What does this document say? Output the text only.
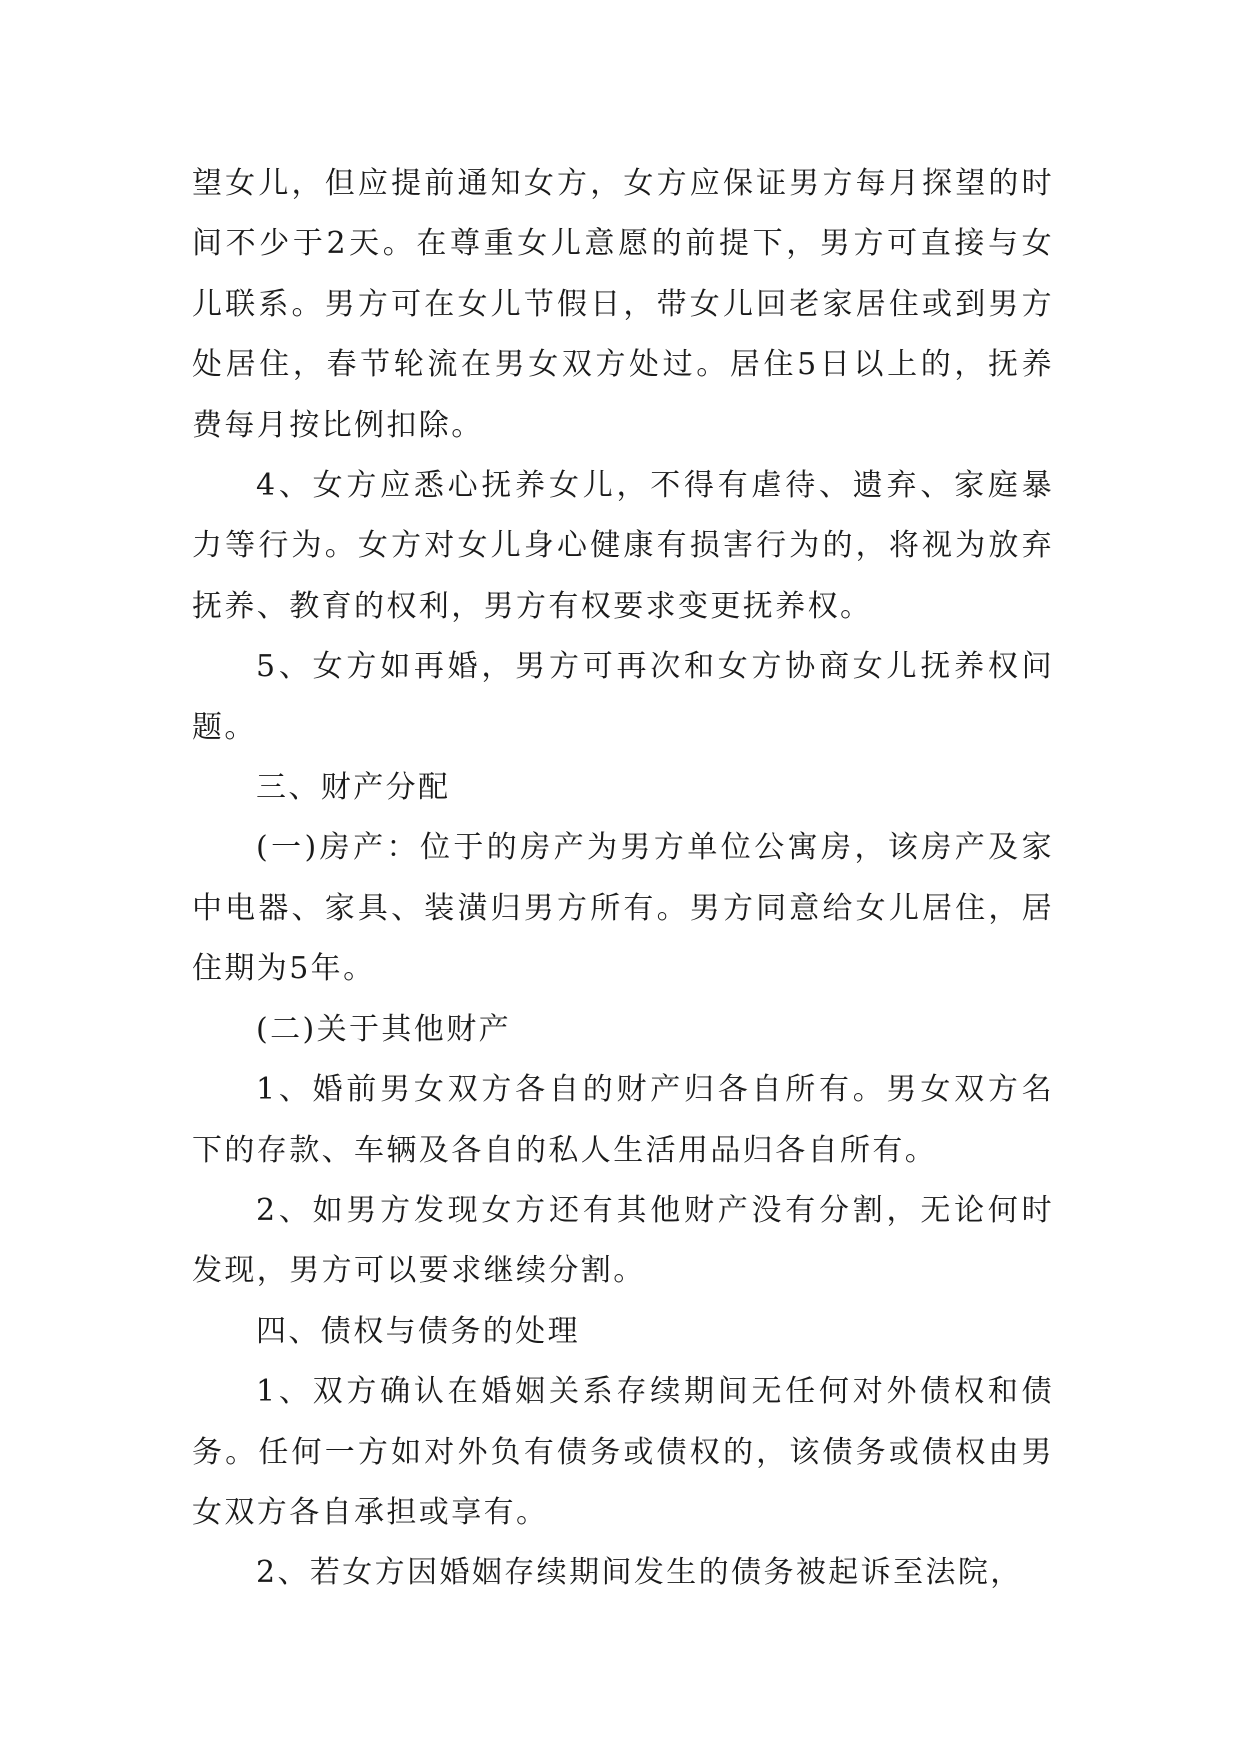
望女儿，但应提前通知女方，女方应保证男方每月探望的时间不少于2天。在尊重女儿意愿的前提下，男方可直接与女儿联系。男方可在女儿节假日，带女儿回老家居住或到男方处居住，春节轮流在男女双方处过。居住5日以上的，抚养费每月按比例扣除。

4、女方应悉心抚养女儿，不得有虐待、遗弃、家庭暴力等行为。女方对女儿身心健康有损害行为的，将视为放弃抚养、教育的权利，男方有权要求变更抚养权。

5、女方如再婚，男方可再次和女方协商女儿抚养权问题。

三、财产分配

(一)房产：位于的房产为男方单位公寓房，该房产及家中电器、家具、装潢归男方所有。男方同意给女儿居住，居住期为5年。

(二)关于其他财产

1、婚前男女双方各自的财产归各自所有。男女双方名下的存款、车辆及各自的私人生活用品归各自所有。

2、如男方发现女方还有其他财产没有分割，无论何时发现，男方可以要求继续分割。

四、债权与债务的处理

1、双方确认在婚姻关系存续期间无任何对外债权和债务。任何一方如对外负有债务或债权的，该债务或债权由男女双方各自承担或享有。

2、若女方因婚姻存续期间发生的债务被起诉至法院，
